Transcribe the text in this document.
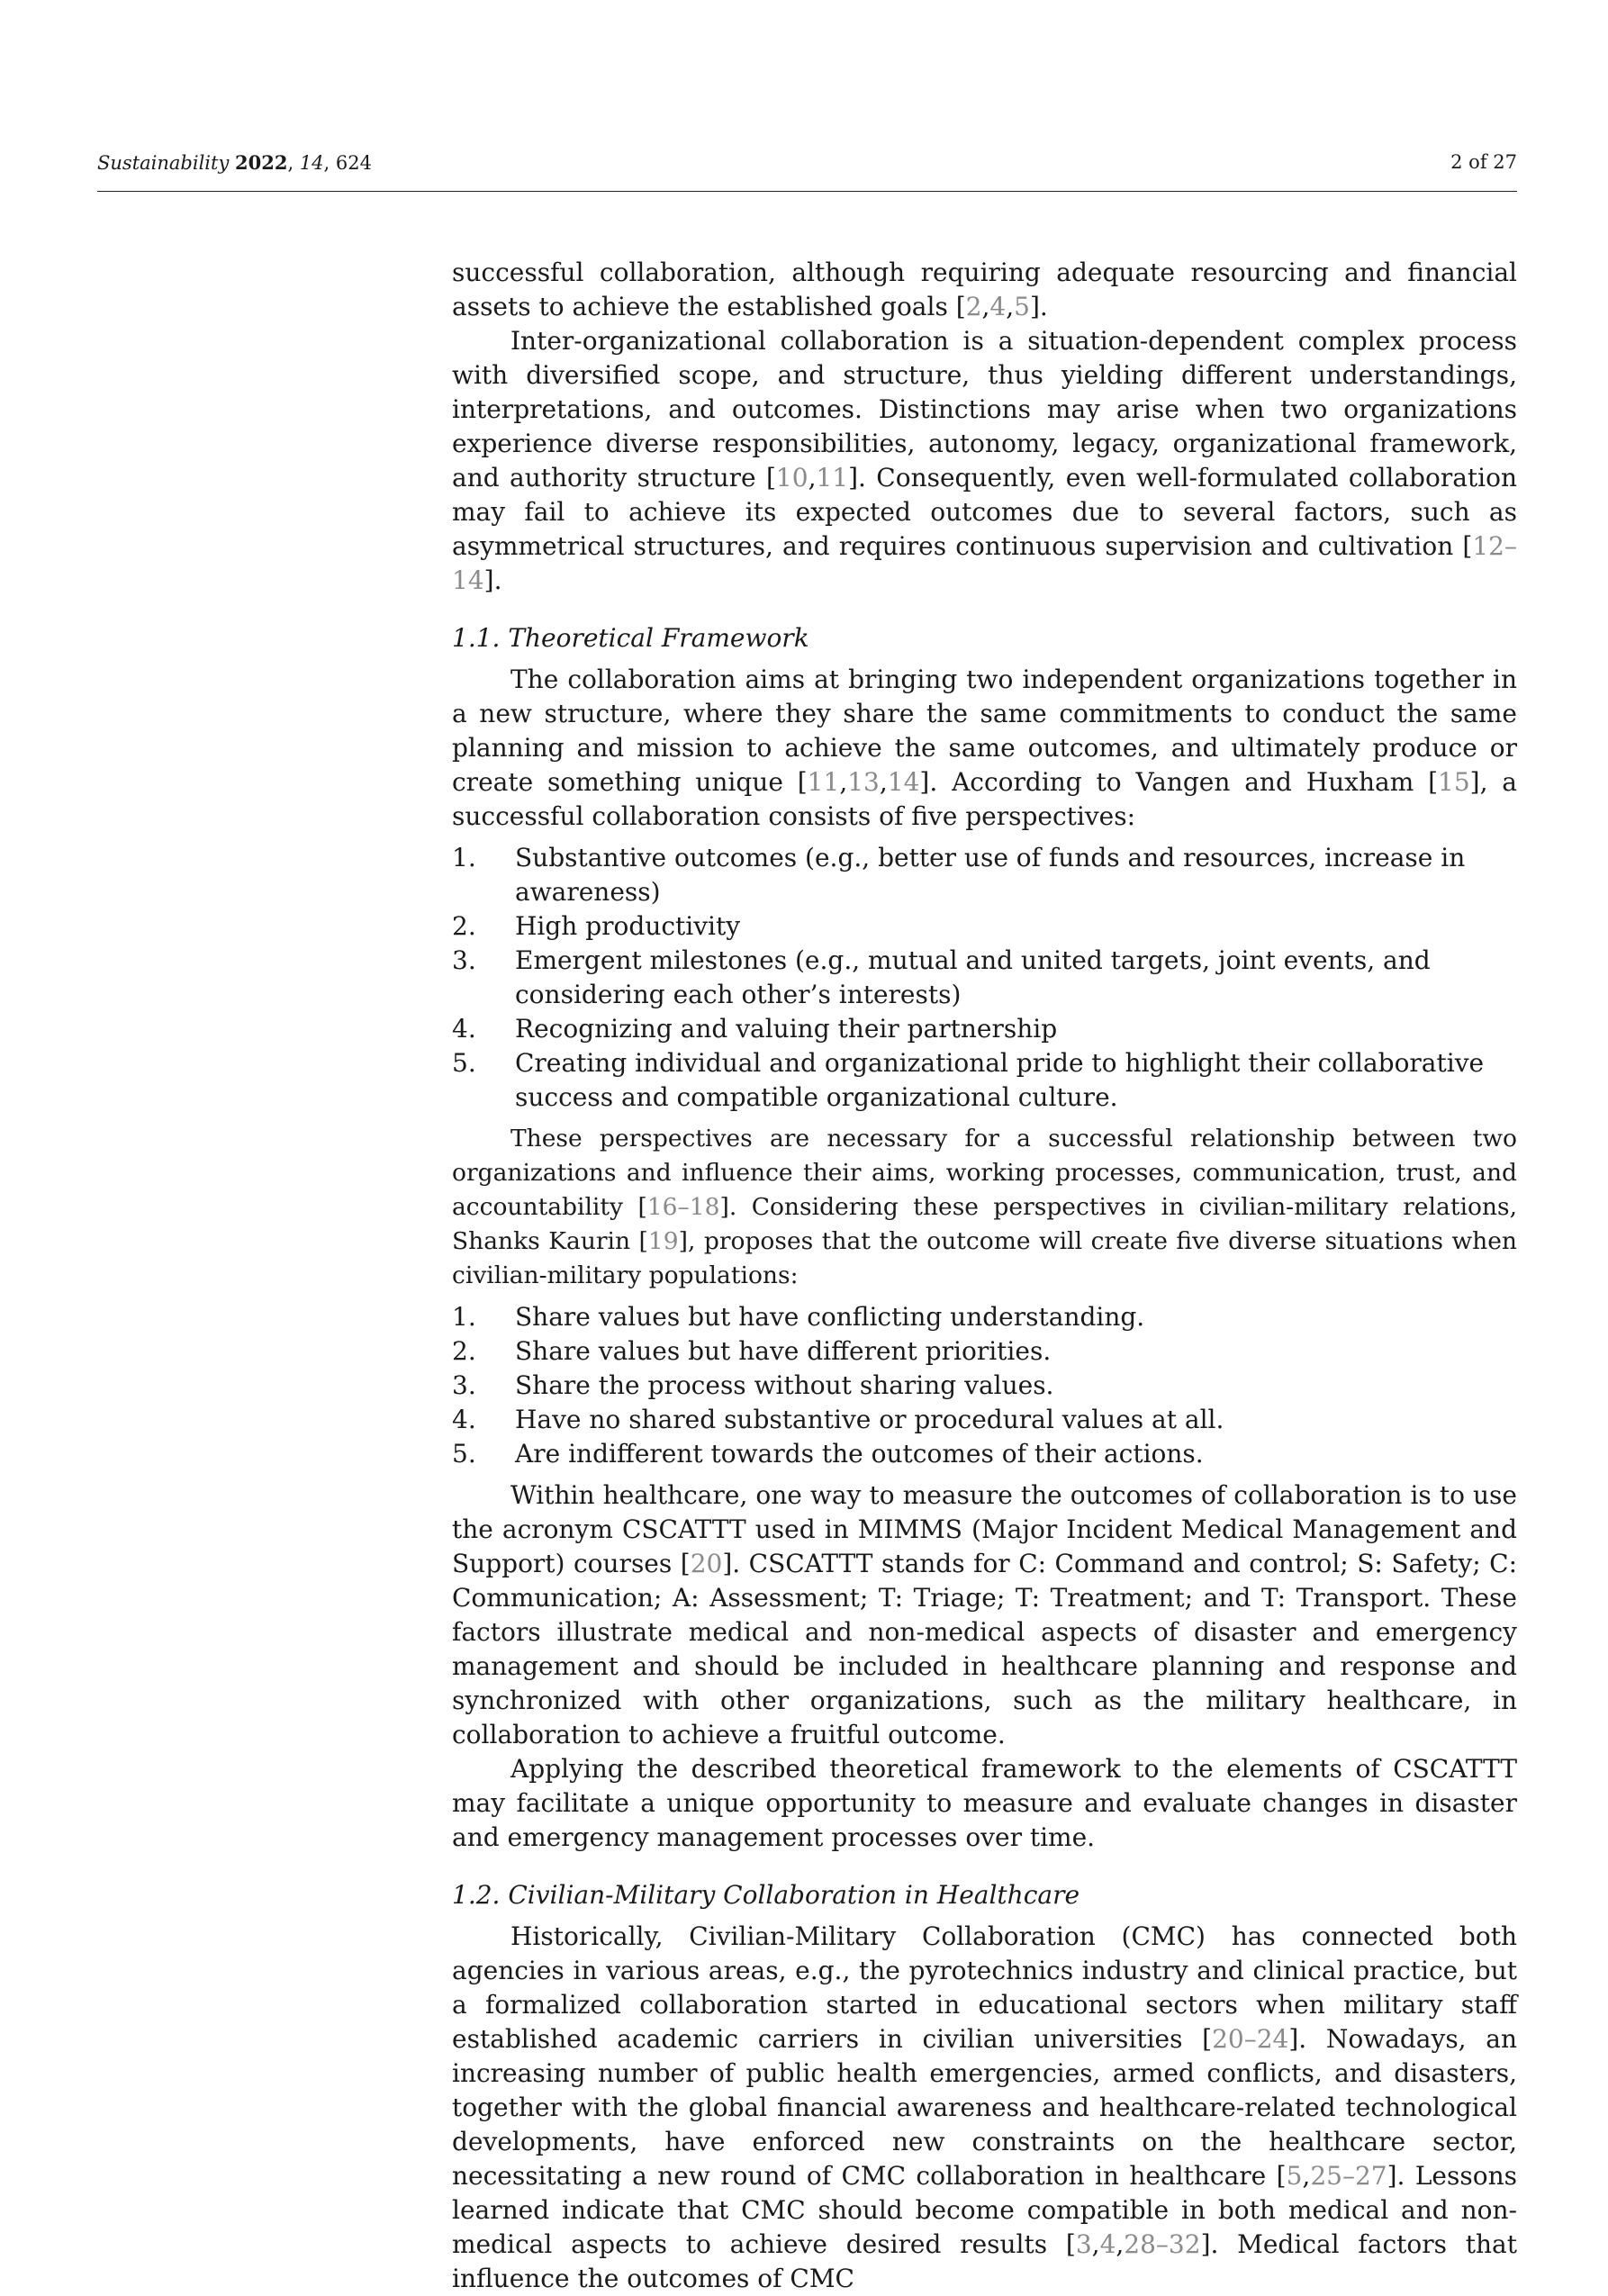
Sustainability 2022, 14, 624	2 of 27

successful collaboration, although requiring adequate resourcing and financial assets to achieve the established goals [2,4,5].

Inter-organizational collaboration is a situation-dependent complex process with diversified scope, and structure, thus yielding different understandings, interpretations, and outcomes. Distinctions may arise when two organizations experience diverse responsibilities, autonomy, legacy, organizational framework, and authority structure [10,11]. Consequently, even well-formulated collaboration may fail to achieve its expected outcomes due to several factors, such as asymmetrical structures, and requires continuous supervision and cultivation [12–14].

1.1. Theoretical Framework

The collaboration aims at bringing two independent organizations together in a new structure, where they share the same commitments to conduct the same planning and mission to achieve the same outcomes, and ultimately produce or create something unique [11,13,14]. According to Vangen and Huxham [15], a successful collaboration consists of five perspectives:

1. Substantive outcomes (e.g., better use of funds and resources, increase in awareness)
2. High productivity
3. Emergent milestones (e.g., mutual and united targets, joint events, and considering each other’s interests)
4. Recognizing and valuing their partnership
5. Creating individual and organizational pride to highlight their collaborative success and compatible organizational culture.

These perspectives are necessary for a successful relationship between two organizations and influence their aims, working processes, communication, trust, and accountability [16–18]. Considering these perspectives in civilian-military relations, Shanks Kaurin [19], proposes that the outcome will create five diverse situations when civilian-military populations:

1. Share values but have conflicting understanding.
2. Share values but have different priorities.
3. Share the process without sharing values.
4. Have no shared substantive or procedural values at all.
5. Are indifferent towards the outcomes of their actions.

Within healthcare, one way to measure the outcomes of collaboration is to use the acronym CSCATTT used in MIMMS (Major Incident Medical Management and Support) courses [20]. CSCATTT stands for C: Command and control; S: Safety; C: Communication; A: Assessment; T: Triage; T: Treatment; and T: Transport. These factors illustrate medical and non-medical aspects of disaster and emergency management and should be included in healthcare planning and response and synchronized with other organizations, such as the military healthcare, in collaboration to achieve a fruitful outcome.

Applying the described theoretical framework to the elements of CSCATTT may facilitate a unique opportunity to measure and evaluate changes in disaster and emergency management processes over time.

1.2. Civilian-Military Collaboration in Healthcare

Historically, Civilian-Military Collaboration (CMC) has connected both agencies in various areas, e.g., the pyrotechnics industry and clinical practice, but a formalized collaboration started in educational sectors when military staff established academic carriers in civilian universities [20–24]. Nowadays, an increasing number of public health emergencies, armed conflicts, and disasters, together with the global financial awareness and healthcare-related technological developments, have enforced new constraints on the healthcare sector, necessitating a new round of CMC collaboration in healthcare [5,25–27]. Lessons learned indicate that CMC should become compatible in both medical and non-medical aspects to achieve desired results [3,4,28–32]. Medical factors that influence the outcomes of CMC
